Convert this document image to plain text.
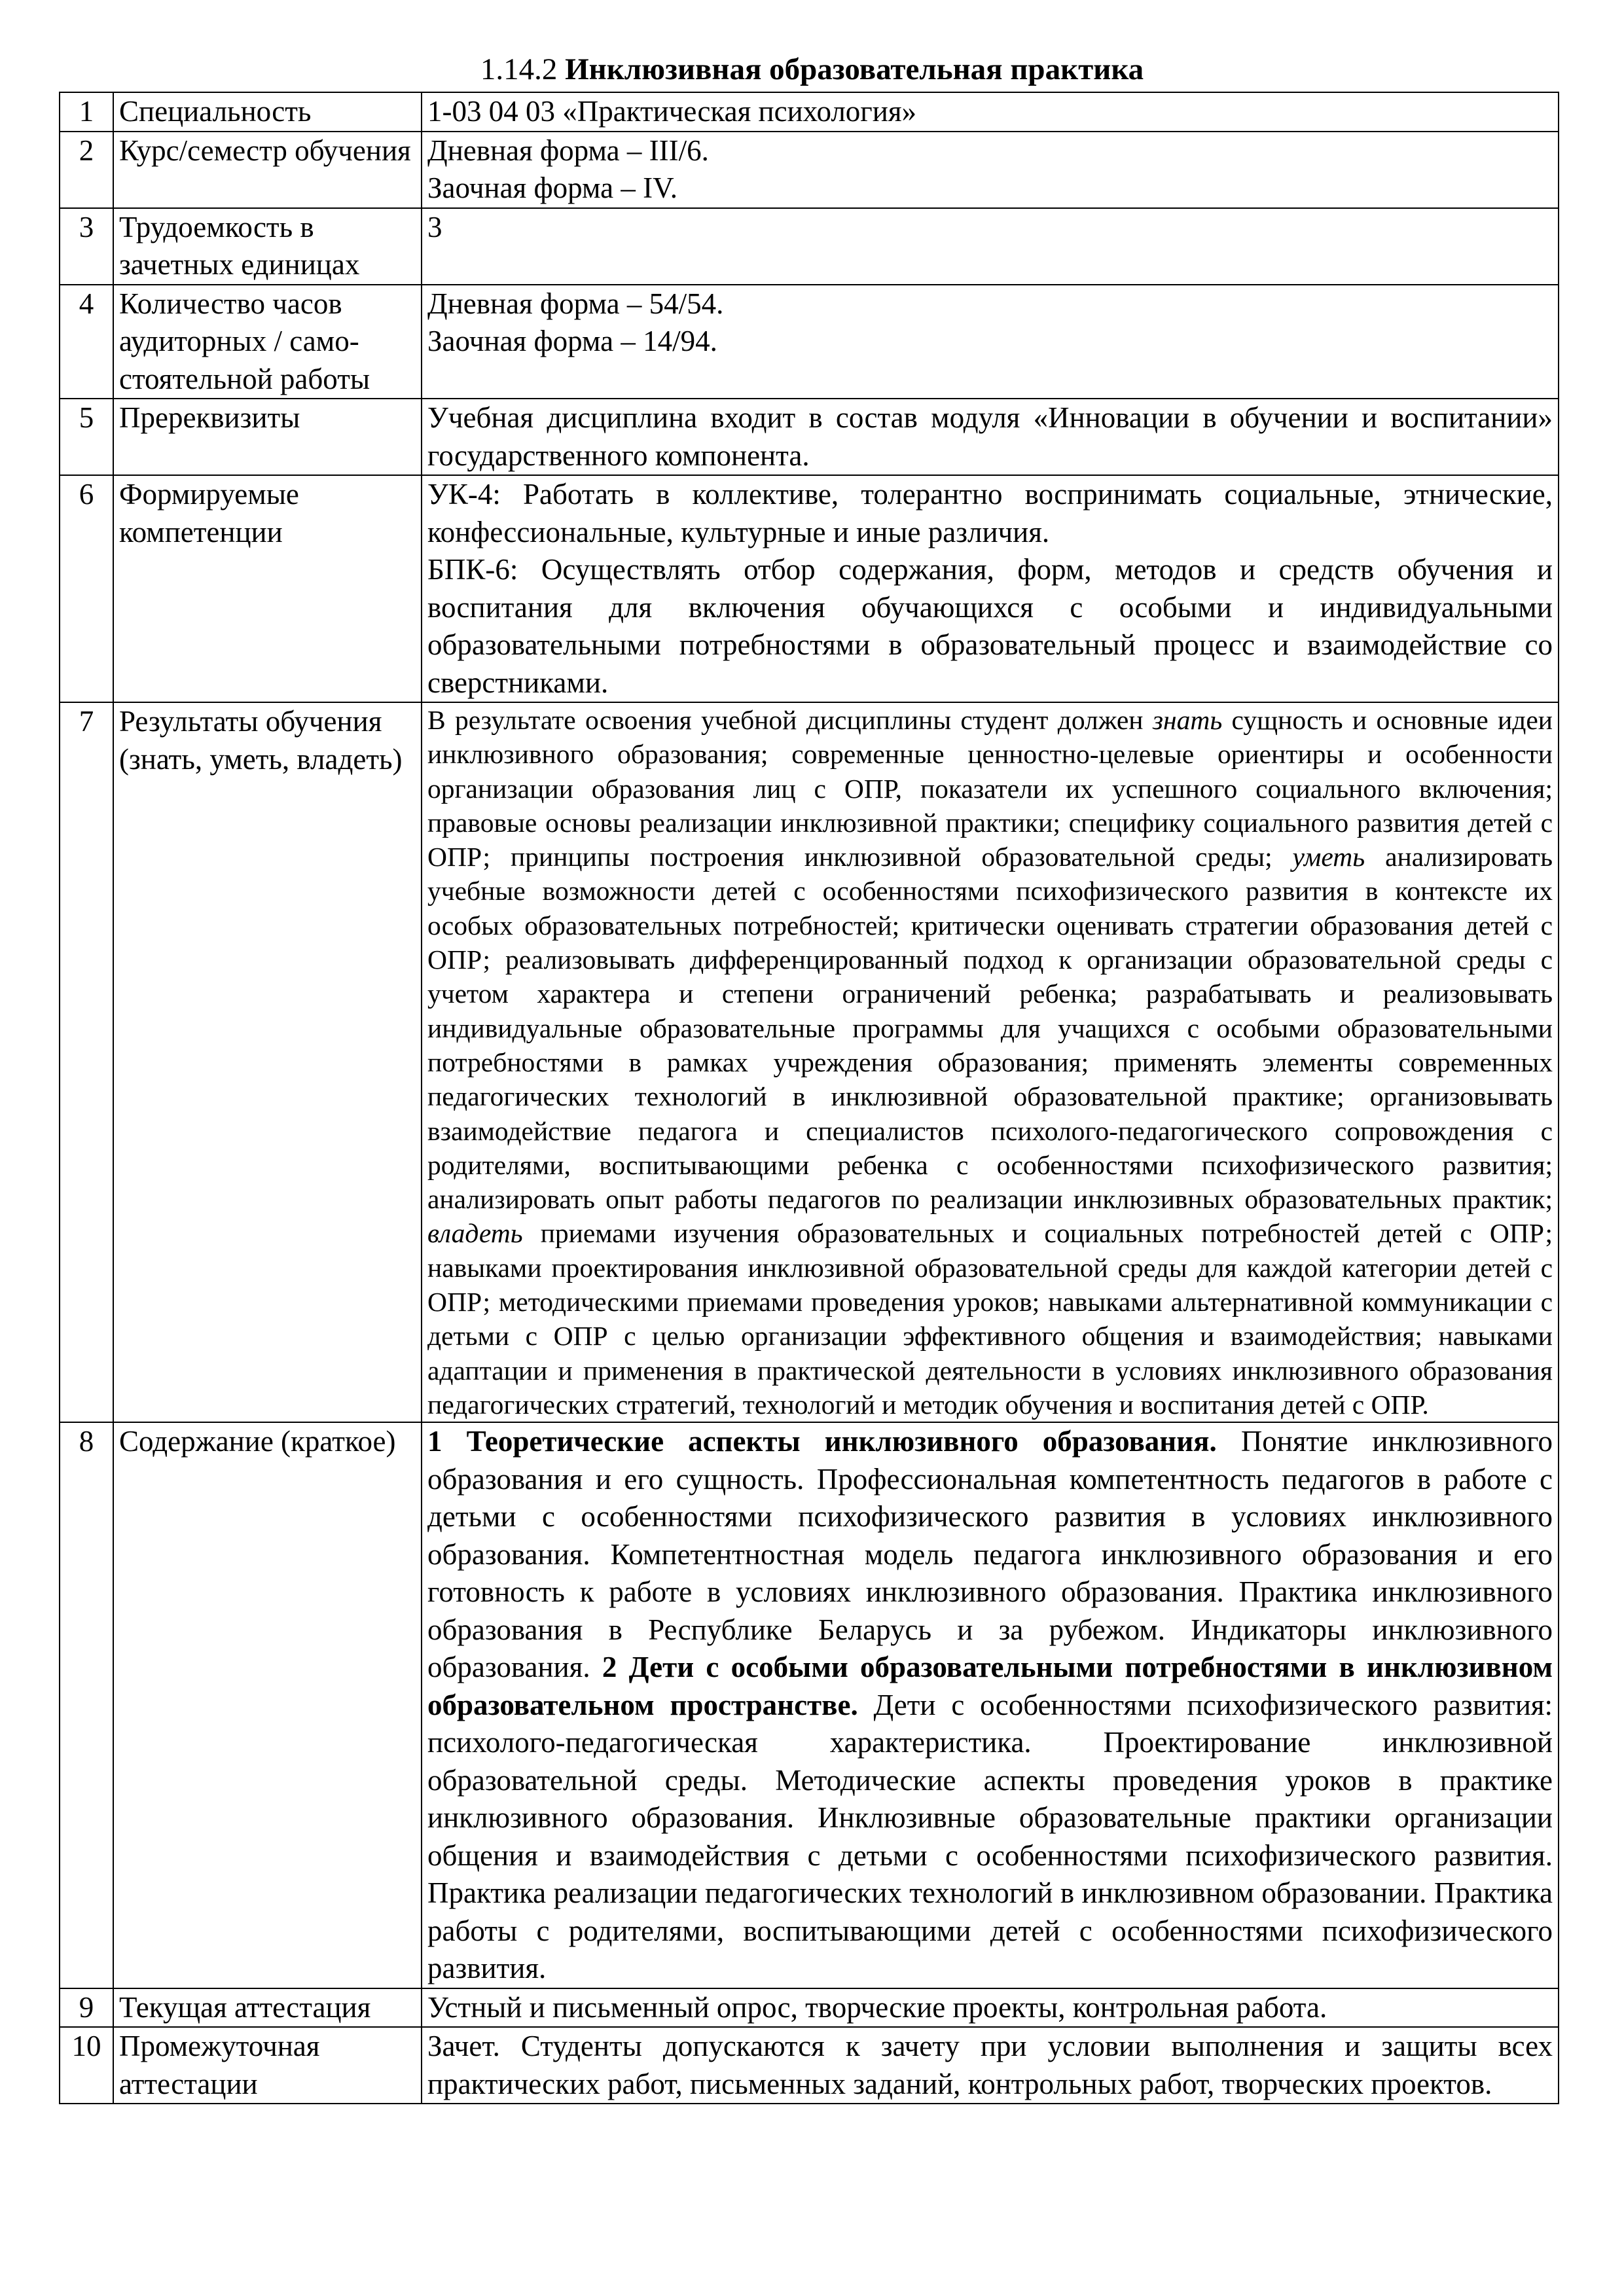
1.14.2 Инклюзивная образовательная практика
1	Специальность	1-03 04 03 «Практическая психология»
2	Курс/семестр обучения	Дневная форма – III/6.
Заочная форма – IV.

3	Трудоемкость в зачетных единицах	3
4	Количество часов аудиторных / само-стоятельной работы	Дневная форма – 54/54.
Заочная форма – 14/94.

5	Пререквизиты	Учебная дисциплина входит в состав модуля «Инновации в обучении и воспитании» государственного компонента.
6	Формируемые компетенции	УК-4: Работать в коллективе, толерантно воспринимать социальные, этнические, конфессиональные, культурные и иные различия.
БПК-6: Осуществлять отбор содержания, форм, методов и средств обучения и воспитания для включения обучающихся с особыми и индивидуальными образовательными потребностями в образовательный процесс и взаимодействие со сверстниками.

7	Результаты обучения (знать, уметь, владеть)	В результате освоения учебной дисциплины студент должен знать сущность и основные идеи инклюзивного образования; современные ценностно-целевые ориентиры и особенности организации образования лиц с ОПР, показатели их успешного социального включения; правовые основы реализации инклюзивной практики; специфику социального развития детей с ОПР; принципы построения инклюзивной образовательной среды; уметь анализировать учебные возможности детей с особенностями психофизического развития в контексте их особых образовательных потребностей; критически оценивать стратегии образования детей с ОПР; реализовывать дифференцированный подход к организации образовательной среды с учетом характера и степени ограничений ребенка; разрабатывать и реализовывать индивидуальные образовательные программы для учащихся с особыми образовательными потребностями в рамках учреждения образования; применять элементы современных педагогических технологий в инклюзивной образовательной практике; организовывать взаимодействие педагога и специалистов психолого-педагогического сопровождения с родителями, воспитывающими ребенка с особенностями психофизического развития; анализировать опыт работы педагогов по реализации инклюзивных образовательных практик; владеть приемами изучения образовательных и социальных потребностей детей с ОПР; навыками проектирования инклюзивной образовательной среды для каждой категории детей с ОПР; методическими приемами проведения уроков; навыками альтернативной коммуникации с детьми с ОПР с целью организации эффективного общения и взаимодействия; навыками адаптации и применения в практической деятельности в условиях инклюзивного образования педагогических стратегий, технологий и методик обучения и воспитания детей с ОПР.
8	Содержание (краткое)	1 Теоретические аспекты инклюзивного образования. Понятие инклюзивного образования и его сущность. Профессиональная компетентность педагогов в работе с детьми с особенностями психофизического развития в условиях инклюзивного образования. Компетентностная модель педагога инклюзивного образования и его готовность к работе в условиях инклюзивного образования. Практика инклюзивного образования в Республике Беларусь и за рубежом. Индикаторы инклюзивного образования. 2 Дети с особыми образовательными потребностями в инклюзивном образовательном пространстве. Дети с особенностями психофизического развития: психолого-педагогическая характеристика. Проектирование инклюзивной образовательной среды. Методические аспекты проведения уроков в практике инклюзивного образования. Инклюзивные образовательные практики организации общения и взаимодействия с детьми с особенностями психофизического развития. Практика реализации педагогических технологий в инклюзивном образовании. Практика работы с родителями, воспитывающими детей с особенностями психофизического развития.
9	Текущая аттестация	Устный и письменный опрос, творческие проекты, контрольная работа.
10	Промежуточная аттестации	Зачет. Студенты допускаются к зачету при условии выполнения и защиты всех практических работ, письменных заданий, контрольных работ, творческих проектов.
